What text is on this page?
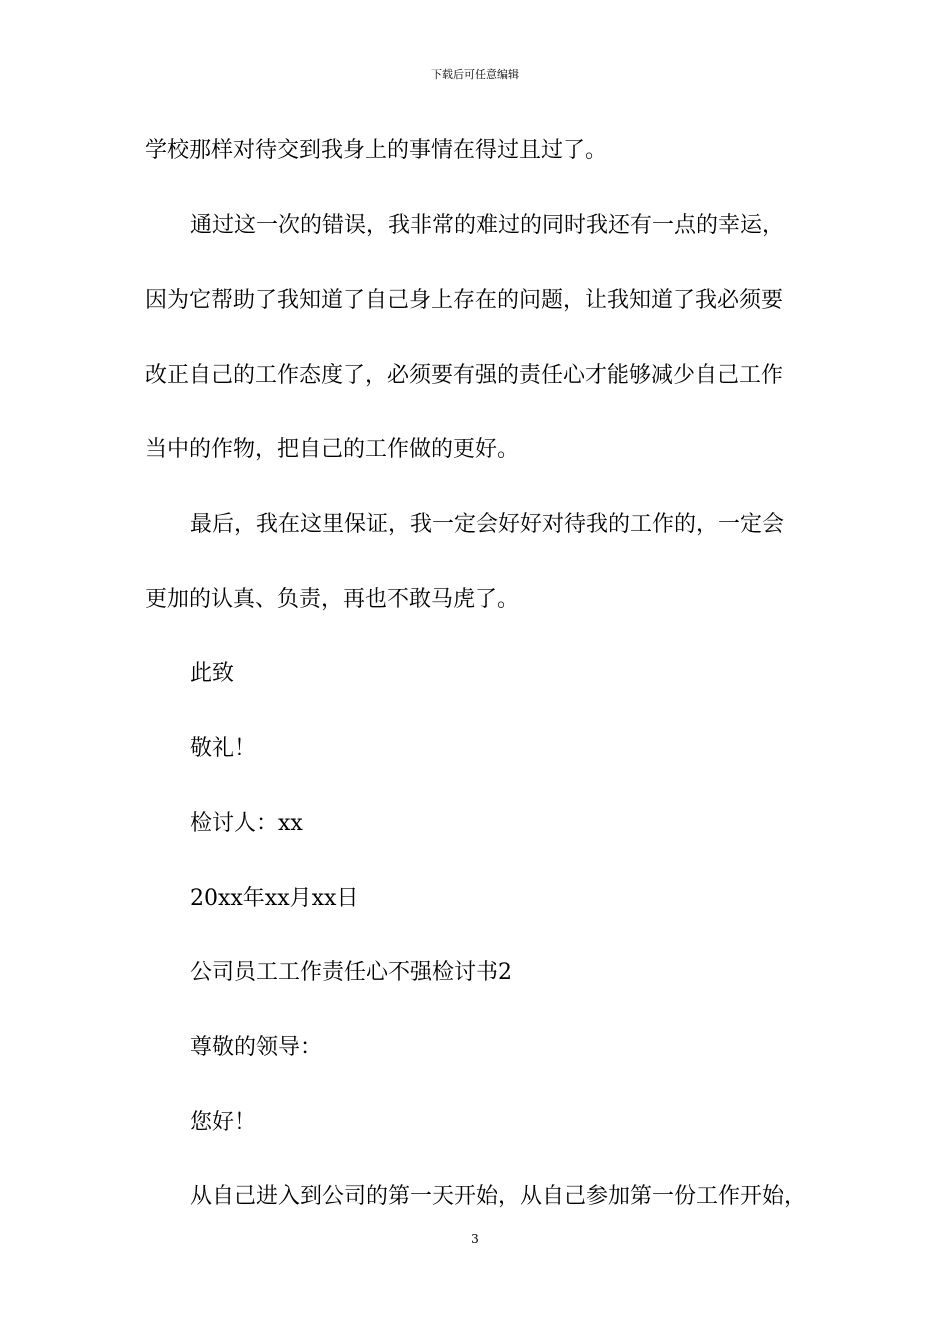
下载后可任意编辑
学校那样对待交到我身上的事情在得过且过了。
通过这一次的错误，我非常的难过的同时我还有一点的幸运，
因为它帮助了我知道了自己身上存在的问题，让我知道了我必须要
改正自己的工作态度了，必须要有强的责任心才能够减少自己工作
当中的作物，把自己的工作做的更好。
最后，我在这里保证，我一定会好好对待我的工作的，一定会
更加的认真、负责，再也不敢马虎了。
此致
敬礼！
检讨人：xx
20xx年xx月xx日
公司员工工作责任心不强检讨书2
尊敬的领导：
您好！
从自己进入到公司的第一天开始，从自己参加第一份工作开始，
3
